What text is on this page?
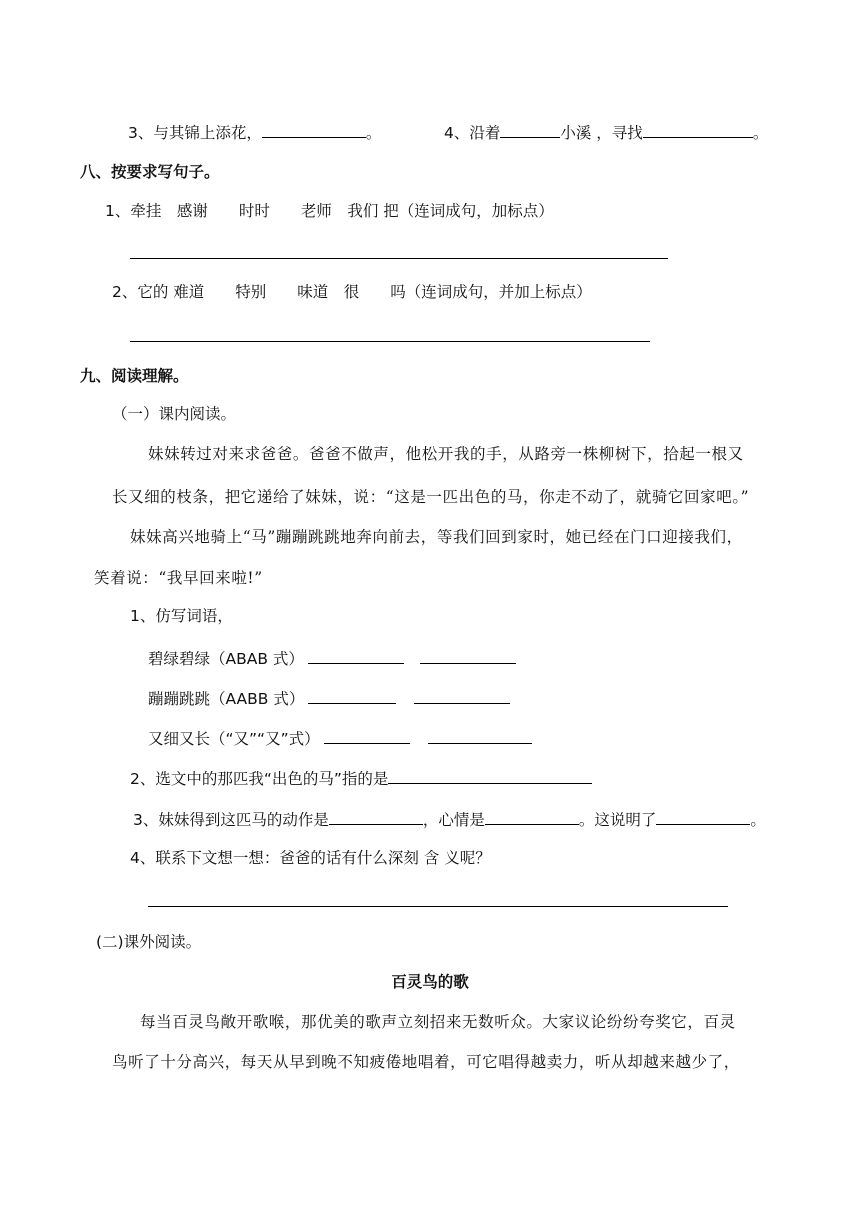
3、与其锦上添花，	。	4、沿着	小溪 ，寻找	。
八、按要求写句子。
1、牵挂　感谢　　时时　　老师　我们 把（连词成句，加标点）
2、它的 难道　　特别　　味道　很　　吗（连词成句，并加上标点）
九、阅读理解。
（一）课内阅读。
妹妹转过对来求爸爸。爸爸不做声，他松开我的手，从路旁一株柳树下，拾起一根又
长又细的枝条，把它递给了妹妹，说：“这是一匹出色的马，你走不动了，就骑它回家吧。”
妹妹高兴地骑上“马”蹦蹦跳跳地奔向前去，等我们回到家时，她已经在门口迎接我们，
笑着说：“我早回来啦!”
1、仿写词语，
碧绿碧绿（ABAB 式）
蹦蹦跳跳（AABB 式）
又细又长（“又”“又”式）
2、选文中的那匹我“出色的马”指的是
3、妹妹得到这匹马的动作是	，心情是	。这说明了	。
4、联系下文想一想：爸爸的话有什么深刻 含 义呢？
(二)课外阅读。
百灵鸟的歌
每当百灵鸟敞开歌喉，那优美的歌声立刻招来无数听众。大家议论纷纷夸奖它，百灵
鸟听了十分高兴，每天从早到晚不知疲倦地唱着，可它唱得越卖力，听从却越来越少了，
